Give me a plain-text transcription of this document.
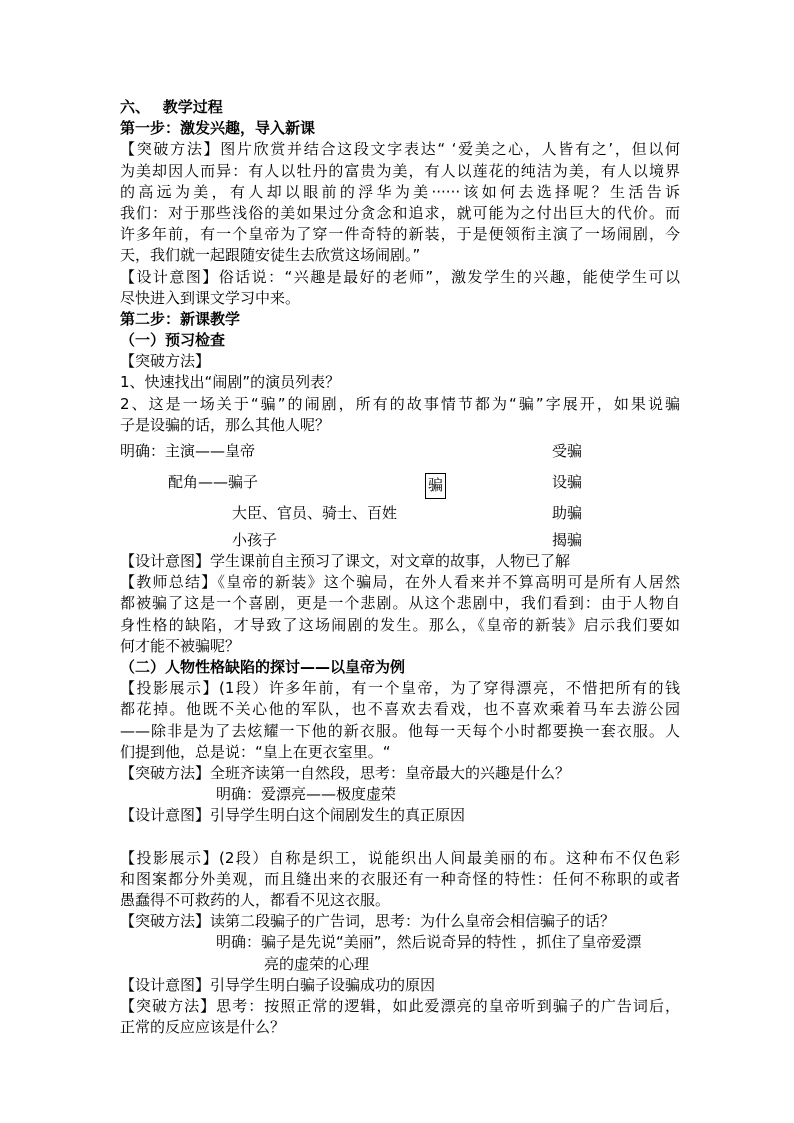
六、　 教学过程
第一步：激发兴趣，导入新课
【突破方法】图片欣赏并结合这段文字表达“ ‘爱美之心，人皆有之’，但以何
为美却因人而异：有人以牡丹的富贵为美，有人以莲花的纯洁为美，有人以境界
的高远为美，有人却以眼前的浮华为美······该如何去选择呢？生活告诉
我们：对于那些浅俗的美如果过分贪念和追求，就可能为之付出巨大的代价。而
许多年前，有一个皇帝为了穿一件奇特的新装，于是便领衔主演了一场闹剧，今
天，我们就一起跟随安徒生去欣赏这场闹剧。”
【设计意图】俗话说：“兴趣是最好的老师”，激发学生的兴趣，能使学生可以
尽快进入到课文学习中来。
第二步：新课教学
（一）预习检查
【突破方法】
1、快速找出“闹剧”的演员列表？
2、这是一场关于“骗”的闹剧，所有的故事情节都为“骗”字展开，如果说骗
子是设骗的话，那么其他人呢？
明确：主演——皇帝	受骗
配角——骗子	骗	设骗
大臣、官员、骑士、百姓	助骗
小孩子	揭骗
【设计意图】学生课前自主预习了课文，对文章的故事，人物已了解
【教师总结】《皇帝的新装》这个骗局，在外人看来并不算高明可是所有人居然
都被骗了这是一个喜剧，更是一个悲剧。从这个悲剧中，我们看到：由于人物自
身性格的缺陷，才导致了这场闹剧的发生。那么，《皇帝的新装》启示我们要如
何才能不被骗呢？
（二）人物性格缺陷的探讨——以皇帝为例
【投影展示】(1段）许多年前，有一个皇帝，为了穿得漂亮，不惜把所有的钱
都花掉。他既不关心他的军队，也不喜欢去看戏，也不喜欢乘着马车去游公园
——除非是为了去炫耀一下他的新衣服。他每一天每个小时都要换一套衣服。人
们提到他，总是说：“皇上在更衣室里。“
【突破方法】全班齐读第一自然段，思考：皇帝最大的兴趣是什么？
明确：爱漂亮——极度虚荣
【设计意图】引导学生明白这个闹剧发生的真正原因
【投影展示】(2段）自称是织工，说能织出人间最美丽的布。这种布不仅色彩
和图案都分外美观，而且缝出来的衣服还有一种奇怪的特性：任何不称职的或者
愚蠢得不可救药的人，都看不见这衣服。
【突破方法】读第二段骗子的广告词，思考：为什么皇帝会相信骗子的话？
明确：骗子是先说“美丽”，然后说奇异的特性 ，抓住了皇帝爱漂
亮的虚荣的心理
【设计意图】引导学生明白骗子设骗成功的原因
【突破方法】思考：按照正常的逻辑，如此爱漂亮的皇帝听到骗子的广告词后，
正常的反应应该是什么？
